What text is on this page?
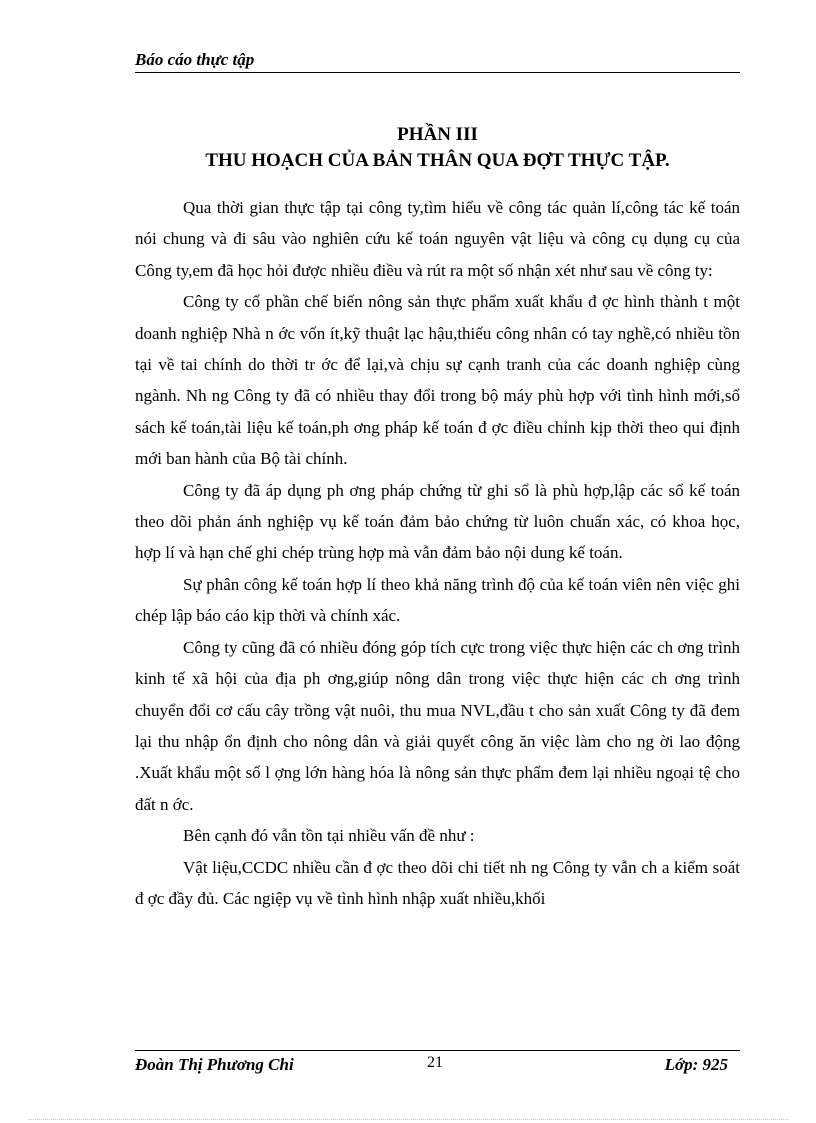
Báo cáo thực tập
PHẦN III
THU HOẠCH CỦA BẢN THÂN QUA ĐỢT THỰC TẬP.

Qua thời gian thực tập tại công ty,tìm hiểu về công tác quản lí,công tác kế toán nói chung và đi sâu vào nghiên cứu kế toán nguyên vật liệu và công cụ dụng cụ của Công ty,em đã học hỏi được nhiều điều và rút ra một số nhận xét như sau về công ty:

Công ty cổ phần chế biến nông sản thực phẩm xuất khẩu đ ợc hình thành t một doanh nghiệp Nhà n ớc vốn ít,kỹ thuật lạc hậu,thiếu công nhân có tay nghề,có nhiều tồn tại về tai chính do thời tr ớc để lại,và chịu sự cạnh tranh của các doanh nghiệp cùng ngành. Nh ng Công ty đã có nhiều thay đổi trong bộ máy phù hợp với tình hình mới,sổ sách kế toán,tài liệu kế toán,ph ơng pháp kế toán đ ợc điều chỉnh kịp thời theo qui định mới ban hành của Bộ tài chính.

Công ty đã áp dụng ph ơng pháp chứng từ ghi sổ là phù hợp,lập các sổ kế toán theo dõi phản ánh nghiệp vụ kế toán đảm bảo chứng từ luôn chuẩn xác, có khoa học, hợp lí và hạn chế ghi chép trùng hợp mà vẫn đảm bảo nội dung kế toán.

Sự phân công kế toán hợp lí theo khả năng trình độ của kế toán viên nên việc ghi chép lập báo cáo kịp thời và chính xác.

Công ty cũng đã có nhiều đóng góp tích cực trong việc thực hiện các ch ơng trình kinh tế xã hội của địa ph ơng,giúp nông dân trong việc thực hiện các ch ơng trình chuyển đổi cơ cấu cây trồng vật nuôi, thu mua NVL,đầu t cho sản xuất Công ty đã đem lại thu nhập ổn định cho nông dân và giải quyết công ăn việc làm cho ng ời lao động .Xuất khẩu một số l ợng lớn hàng hóa là nông sản thực phẩm đem lại nhiều ngoại tệ cho đất n ớc.

Bên cạnh đó vẫn tồn tại nhiều vấn đề như :

Vật liệu,CCDC nhiều cần đ ợc theo dõi chi tiết nh ng Công ty vẫn ch a kiểm soát đ ợc đầy đủ. Các ngiệp vụ về tình hình nhập xuất nhiều,khối

Đoàn Thị Phương Chi	21	Lớp: 925
